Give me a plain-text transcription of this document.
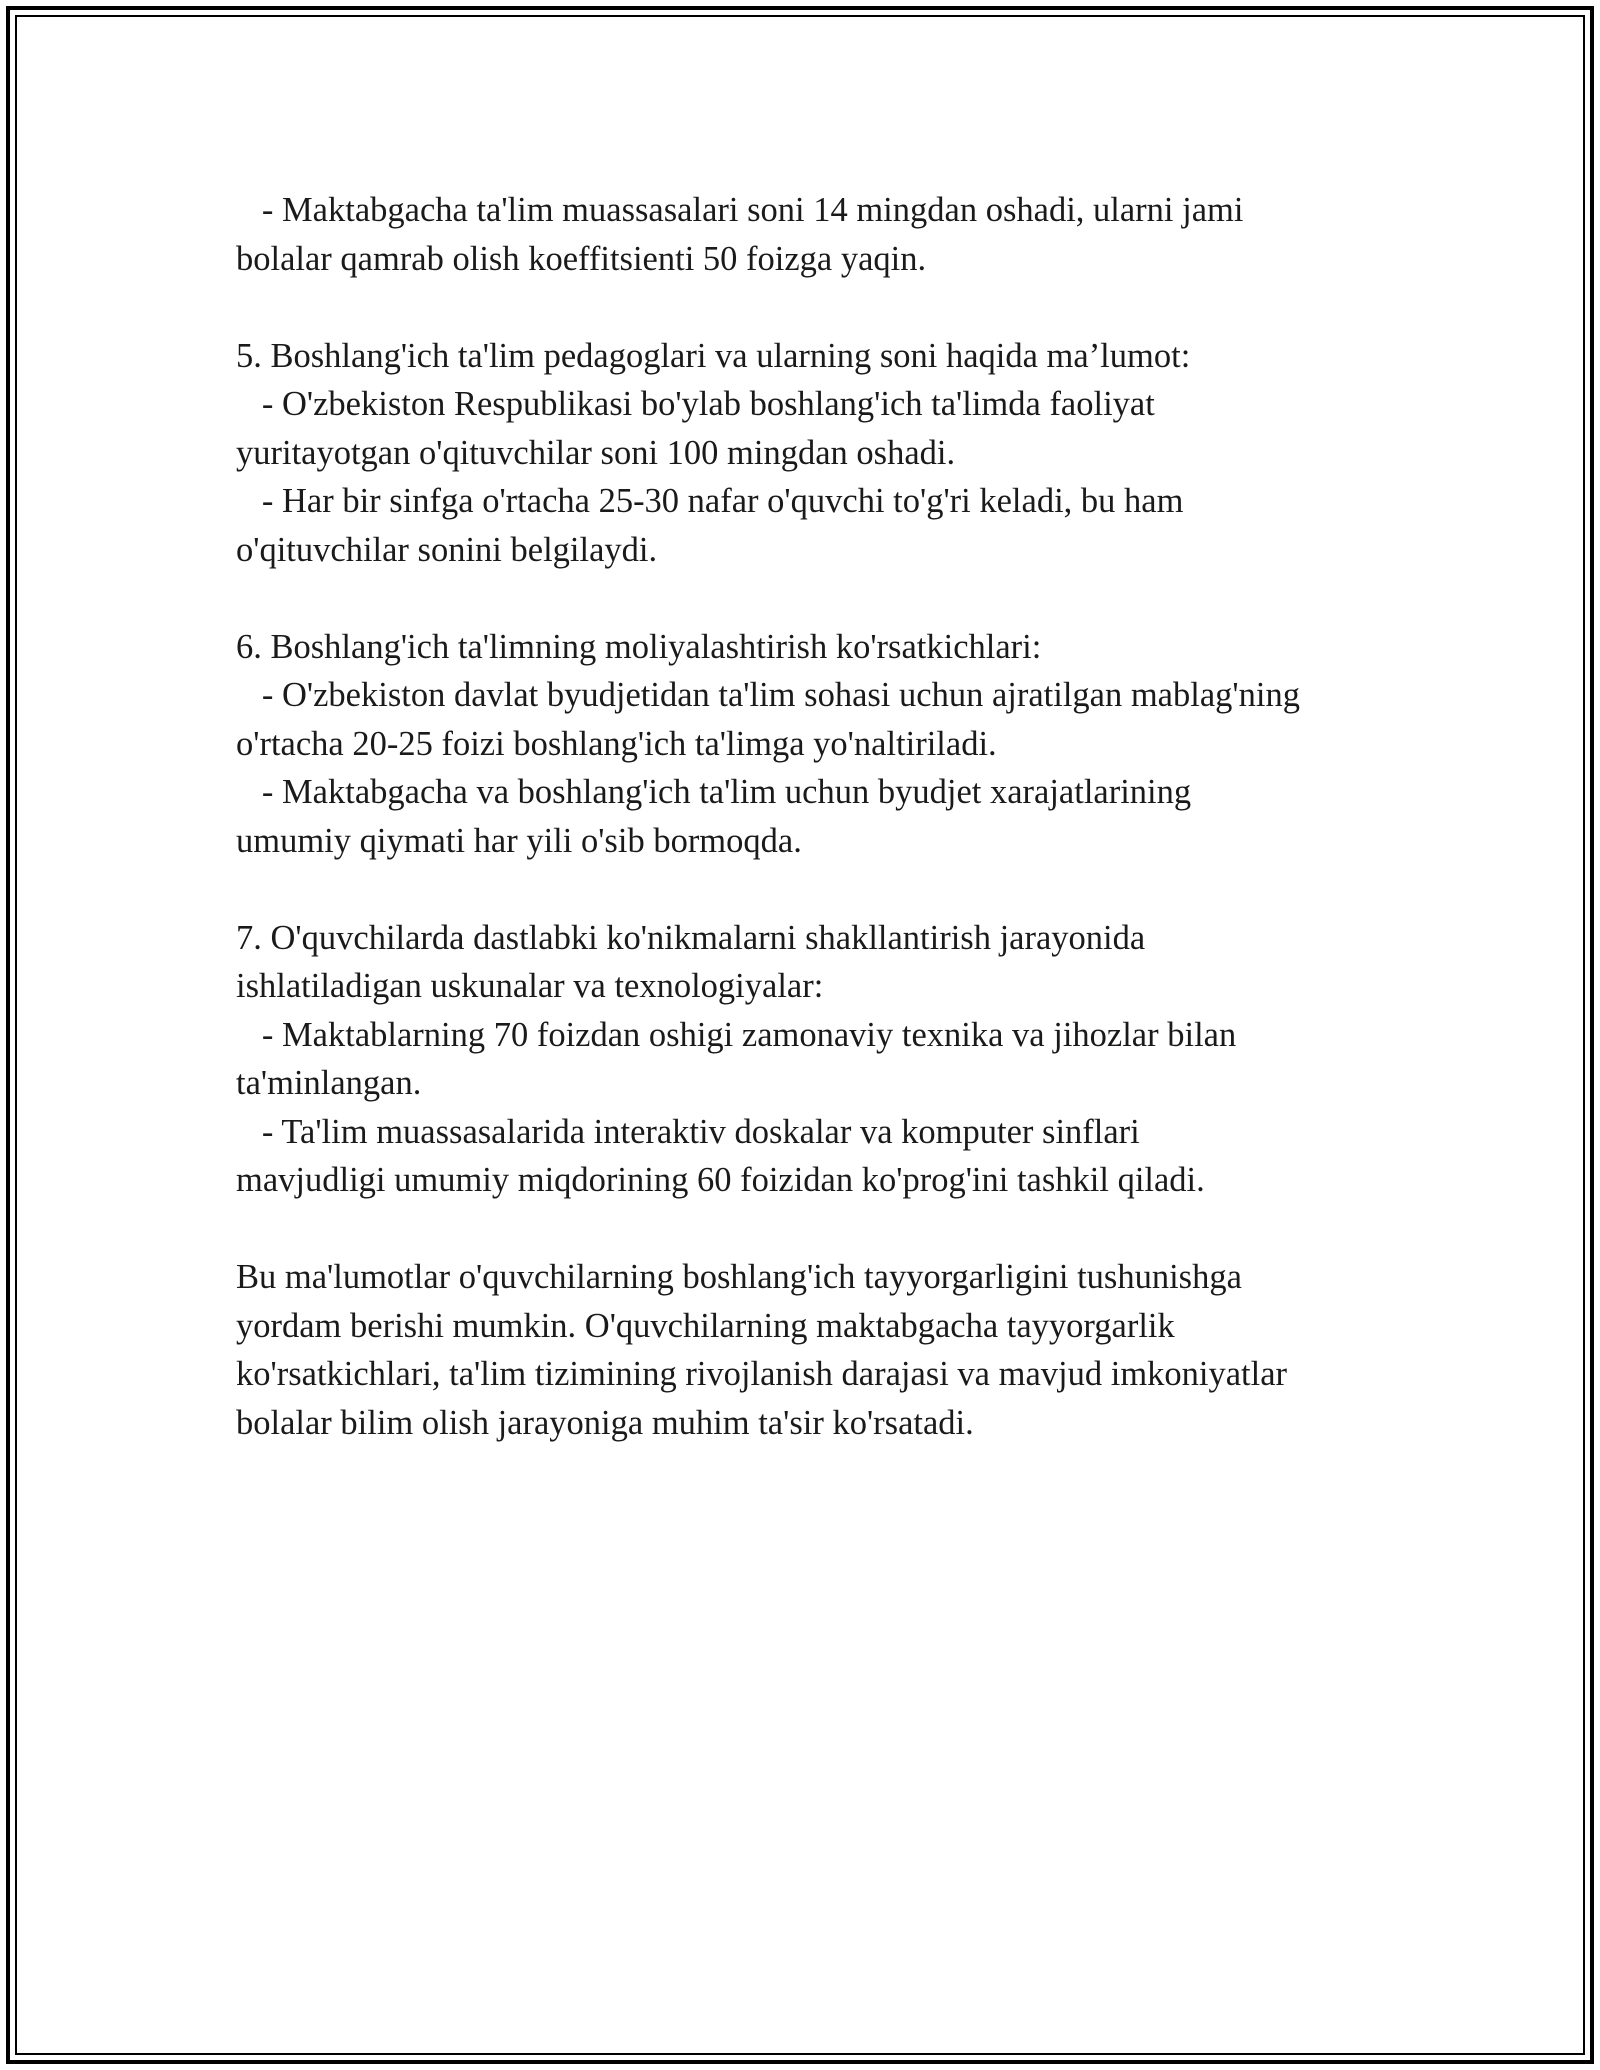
- Maktabgacha ta'lim muassasalari soni 14 mingdan oshadi, ularni jami

bolalar qamrab olish koeffitsienti 50 foizga yaqin.

5. Boshlang'ich ta'lim pedagoglari va ularning soni haqida ma’lumot:

- O'zbekiston Respublikasi bo'ylab boshlang'ich ta'limda faoliyat

yuritayotgan o'qituvchilar soni 100 mingdan oshadi.

- Har bir sinfga o'rtacha 25-30 nafar o'quvchi to'g'ri keladi, bu ham

o'qituvchilar sonini belgilaydi.

6. Boshlang'ich ta'limning moliyalashtirish ko'rsatkichlari:

- O'zbekiston davlat byudjetidan ta'lim sohasi uchun ajratilgan mablag'ning

o'rtacha 20-25 foizi boshlang'ich ta'limga yo'naltiriladi.

- Maktabgacha va boshlang'ich ta'lim uchun byudjet xarajatlarining

umumiy qiymati har yili o'sib bormoqda.

7. O'quvchilarda dastlabki ko'nikmalarni shakllantirish jarayonida

ishlatiladigan uskunalar va texnologiyalar:

- Maktablarning 70 foizdan oshigi zamonaviy texnika va jihozlar bilan

ta'minlangan.

- Ta'lim muassasalarida interaktiv doskalar va komputer sinflari

mavjudligi umumiy miqdorining 60 foizidan ko'prog'ini tashkil qiladi.

Bu ma'lumotlar o'quvchilarning boshlang'ich tayyorgarligini tushunishga

yordam berishi mumkin. O'quvchilarning maktabgacha tayyorgarlik

ko'rsatkichlari, ta'lim tizimining rivojlanish darajasi va mavjud imkoniyatlar

bolalar bilim olish jarayoniga muhim ta'sir ko'rsatadi.
